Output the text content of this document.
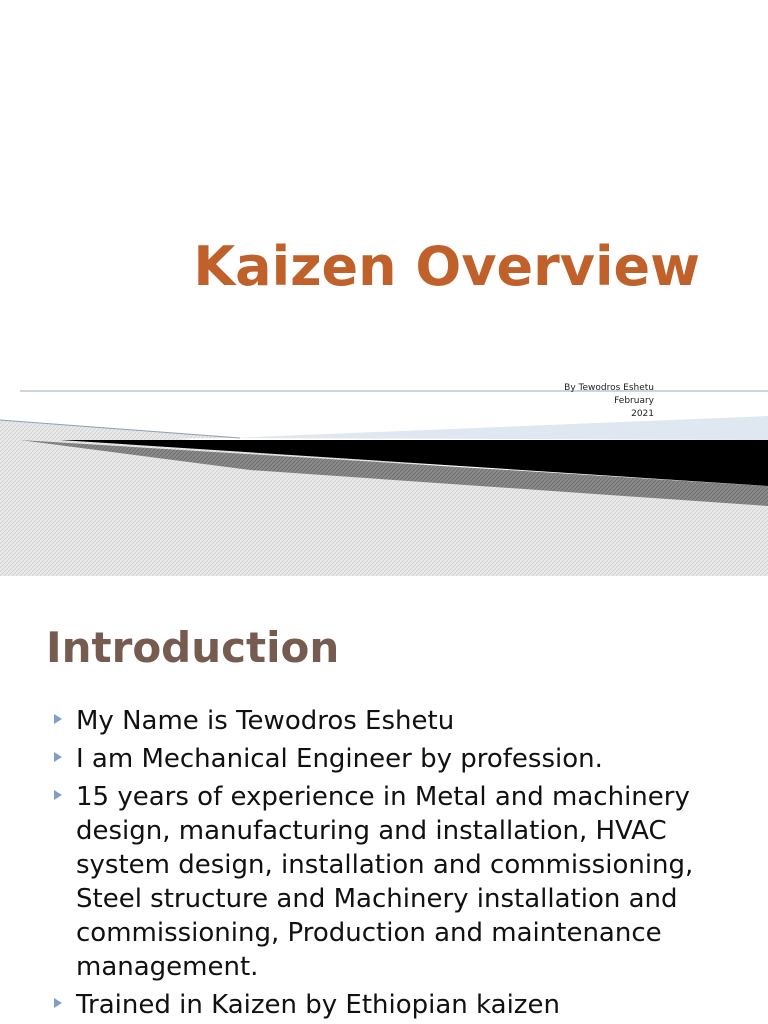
Kaizen Overview
By Tewodros Eshetu
February
2021
Introduction
My Name is Tewodros Eshetu
I am Mechanical Engineer by profession.
15 years of experience in Metal and machinery design, manufacturing and installation, HVAC system design, installation and commissioning, Steel structure and Machinery installation and commissioning, Production and maintenance management.
Trained in Kaizen by Ethiopian kaizen
